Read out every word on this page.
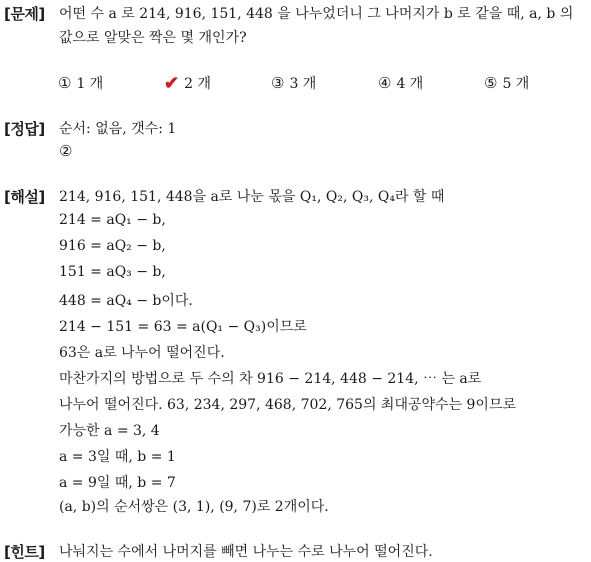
[문제] 어떤 수 a 로 214, 916, 151, 448 을 나누었더니 그 나머지가 b 로 같을 때, a, b 의
값으로 알맞은 짝은 몇 개인가?
① 1 개	✔ 2 개	③ 3 개	④ 4 개	⑤ 5 개
[정답] 순서: 없음, 갯수: 1
②
[해설] 214, 916, 151, 448을 a로 나눈 몫을 Q₁, Q₂, Q₃, Q₄라 할 때
214 = aQ₁ − b,
916 = aQ₂ − b,
151 = aQ₃ − b,
448 = aQ₄ − b이다.
214 − 151 = 63 = a(Q₁ − Q₃)이므로
63은 a로 나누어 떨어진다.
마찬가지의 방법으로 두 수의 차 916 − 214, 448 − 214, ⋯ 는 a로
나누어 떨어진다. 63, 234, 297, 468, 702, 765의 최대공약수는 9이므로
가능한 a = 3, 4
a = 3일 때, b = 1
a = 9일 때, b = 7
(a, b)의 순서쌍은 (3, 1), (9, 7)로 2개이다.
[힌트] 나눠지는 수에서 나머지를 빼면 나누는 수로 나누어 떨어진다.
